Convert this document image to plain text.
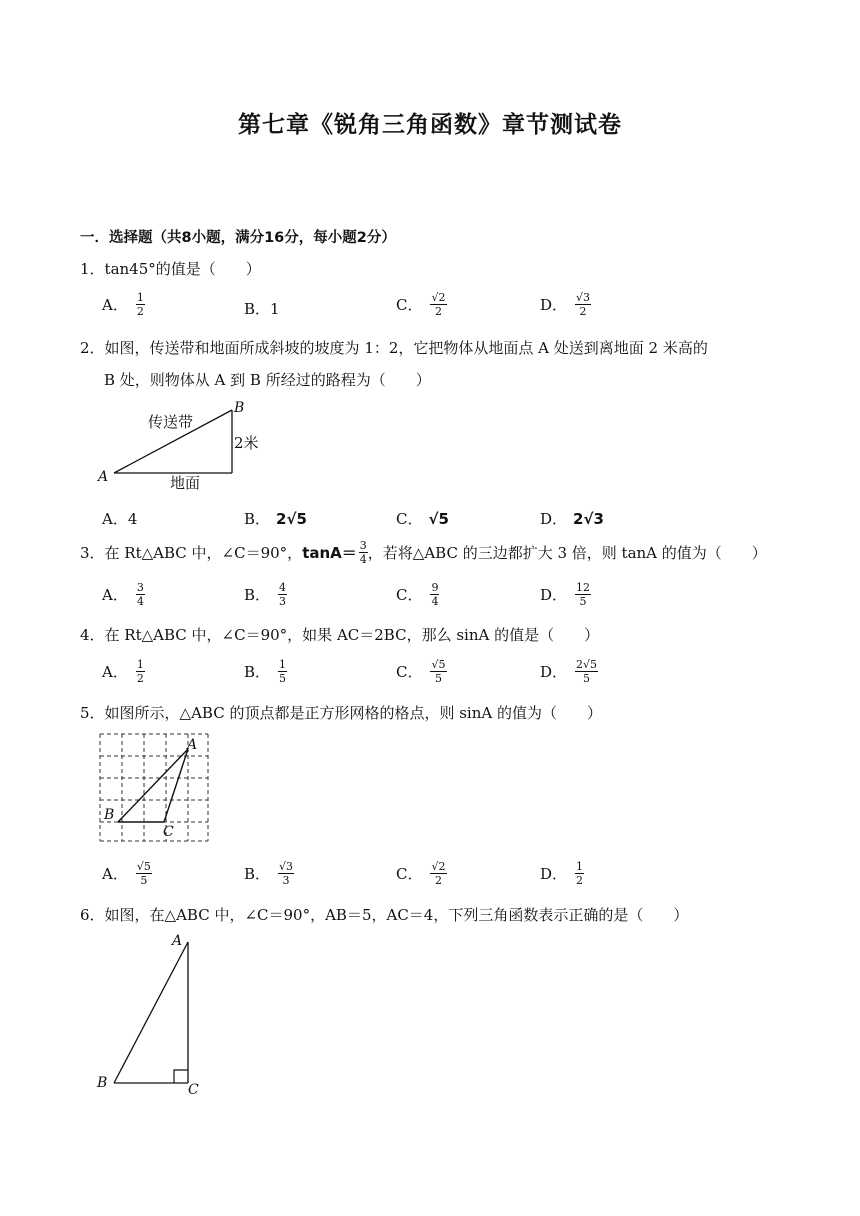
第七章《锐角三角函数》章节测试卷
一．选择题（共8小题，满分16分，每小题2分）
1．tan45°的值是（　　）
A． $\frac{1}{2}$	B． 1	C． $\frac{√2}{2}$	D． $\frac{√3}{2}$
2．如图，传送带和地面所成斜坡的坡度为 1：2，它把物体从地面点 A 处送到离地面 2 米高的
B 处，则物体从 A 到 B 所经过的路程为（　　）
传送带
B
2米
A	地面
A． 4	B． 2√5	C． √5	D． 2√3
3．在 Rt△ABC 中，∠C＝90°， $\tan A= \frac{3}{4}$ ，若将△ABC 的三边都扩大 3 倍，则 tanA 的值为（　　）
A． $\frac{3}{4}$	B． $\frac{4}{3}$	C． $\frac{9}{4}$	D． $\frac{12}{5}$
4．在 Rt△ABC 中，∠C＝90°，如果 AC＝2BC，那么 sinA 的值是（　　）
A． $\frac{1}{2}$	B． $\frac{1}{5}$	C． $\frac{√5}{5}$	D． $\frac{2√5}{5}$
5．如图所示，△ABC 的顶点都是正方形网格的格点，则 sinA 的值为（　　）
A
B
C
A． $\frac{√5}{5}$	B． $\frac{√3}{3}$	C． $\frac{√2}{2}$	D． $\frac{1}{2}$
6．如图，在△ABC 中，∠C＝90°，AB＝5，AC＝4，下列三角函数表示正确的是（　　）
A
B	C
